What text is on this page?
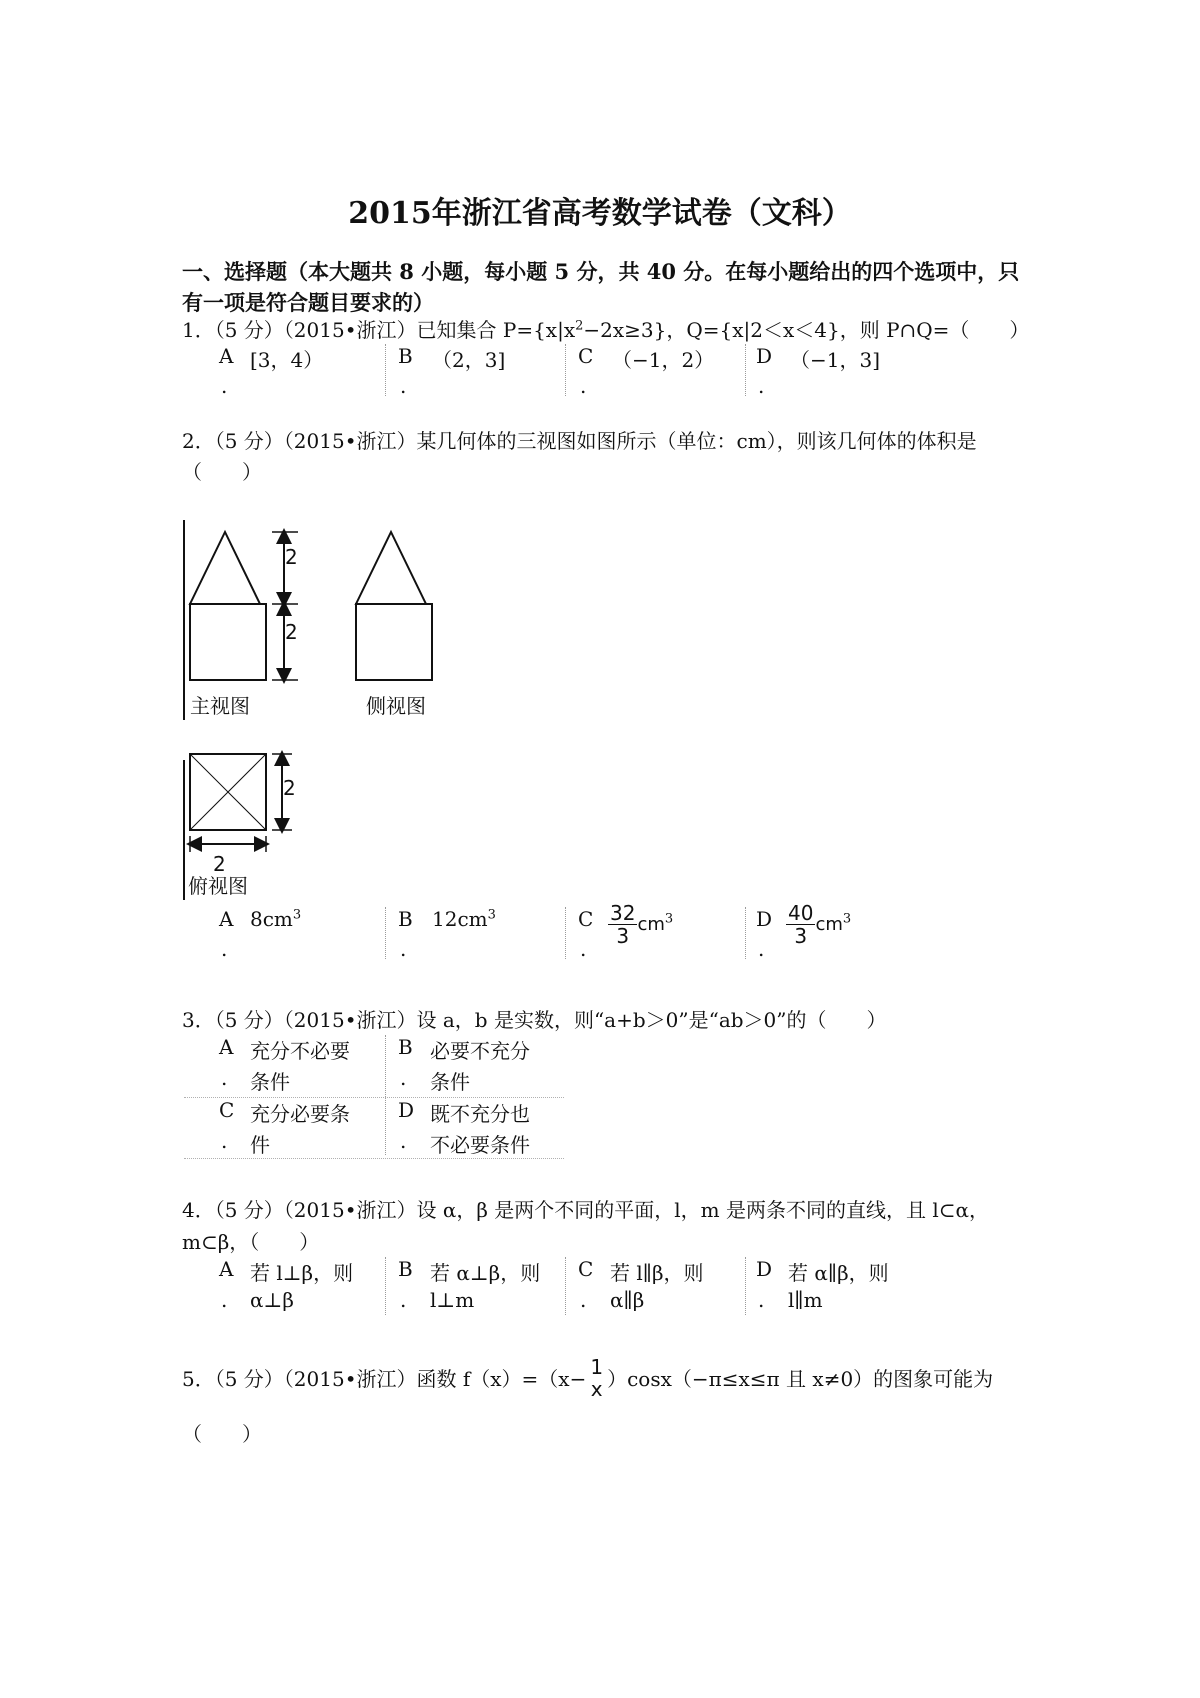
2015年浙江省高考数学试卷（文科）
一、选择题（本大题共 8 小题，每小题 5 分，共 40 分。在每小题给出的四个选项中，只
有一项是符合题目要求的）
1．（5 分）（2015•浙江）已知集合 $P=\{x|x^2-2x\ge 3\}$，Q={x|2＜x＜4}，则 P∩Q=（　　）
A [3，4）
.
B （2，3]
.
C （−1，2）
.
D （−1，3]
.
2．（5 分）（2015•浙江）某几何体的三视图如图所示（单位：cm），则该几何体的体积是
（　　）
2
2
2
2
主视图	侧视图
俯视图
A $8cm^3$
.
B $12cm^3$
.
C $\frac{32}{3} cm^3$
.
D $\frac{40}{3} cm^3$
.
3．（5 分）（2015•浙江）设 a，b 是实数，则“a+b＞0”是“ab＞0”的（　　）
A 充分不必要
. 条件
B 必要不充分
. 条件
C 充分必要条
. 件
D 既不充分也
. 不必要条件
4．（5 分）（2015•浙江）设 α，β 是两个不同的平面，l，m 是两条不同的直线，且 l⊂α，
m⊂β，（　　）
A 若 l⊥β，则
. α⊥β
B 若 α⊥β，则
. l⊥m
C 若 l∥β，则
. α∥β
D 若 α∥β，则
. l∥m
5．（5 分）（2015•浙江）函数 f（x）=（x− 1
x ）cosx（−π≤x≤π 且 x≠0）的图象可能为
（　　）
